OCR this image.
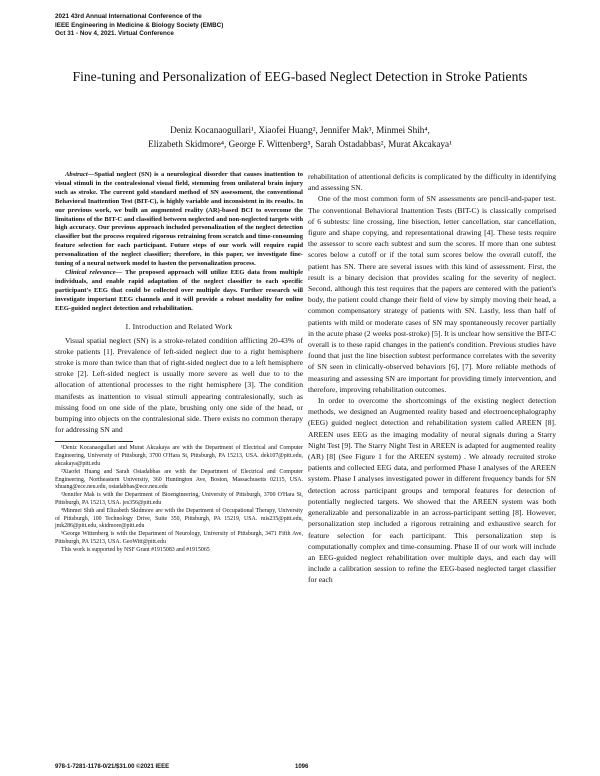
2021 43rd Annual International Conference of the
IEEE Engineering in Medicine & Biology Society (EMBC)
Oct 31 - Nov 4, 2021. Virtual Conference
Fine-tuning and Personalization of EEG-based Neglect Detection in Stroke Patients
Deniz Kocanaogullari¹, Xiaofei Huang², Jennifer Mak³, Minmei Shih⁴,
Elizabeth Skidmore⁴, George F. Wittenberg⁵, Sarah Ostadabbas², Murat Akcakaya¹

Abstract—Spatial neglect (SN) is a neurological disorder that causes inattention to visual stimuli in the contralesional visual field, stemming from unilateral brain injury such as stroke. The current gold standard method of SN assessment, the conventional Behavioral Inattention Test (BIT-C), is highly variable and inconsistent in its results. In our previous work, we built an augmented reality (AR)-based BCI to overcome the limitations of the BIT-C and classified between neglected and non-neglected targets with high accuracy. Our previous approach included personalization of the neglect detection classifier but the process required rigorous retraining from scratch and time-consuming feature selection for each participant. Future steps of our work will require rapid personalization of the neglect classifier; therefore, in this paper, we investigate fine-tuning of a neural network model to hasten the personalization process.

Clinical relevance— The proposed approach will utilize EEG data from multiple individuals, and enable rapid adaptation of the neglect classifier to each specific participant's EEG that could be collected over multiple days. Further research will investigate important EEG channels and it will provide a robust modality for online EEG-guided neglect detection and rehabilitation.

I. Introduction and Related Work

Visual spatial neglect (SN) is a stroke-related condition afflicting 20-43% of stroke patients [1]. Prevalence of left-sided neglect due to a right hemisphere stroke is more than twice than that of right-sided neglect due to a left hemisphere stroke [2]. Left-sided neglect is usually more severe as well due to to the allocation of attentional processes to the right hemisphere [3]. The condition manifests as inattention to visual stimuli appearing contralesionally, such as missing food on one side of the plate, brushing only one side of the head, or bumping into objects on the contralesional side. There exists no common therapy for addressing SN and

¹Deniz Kocanaogullari and Murat Akcakaya are with the Department of Electrical and Computer Engineering, University of Pittsburgh, 3700 O'Hara St, Pittsburgh, PA 15213, USA. dek107@pitt.edu, akcakaya@pitt.edu

²Xiaofei Huang and Sarah Ostadabbas are with the Department of Electrical and Computer Engineering, Northeastern University, 360 Huntington Ave, Boston, Massachusetts 02115, USA. xhuang@ece.neu.edu, ostadabbas@ece.neu.edu

³Jennifer Mak is with the Department of Bioengineering, University of Pittsburgh, 3700 O'Hara St, Pittsburgh, PA 15213, USA. jes356@pitt.edu

⁴Minmei Shih and Elizabeth Skidmore are with the Department of Occupational Therapy, University of Pittsburgh, 100 Technology Drive, Suite 350, Pittsburgh, PA 15219, USA. mis235@pitt.edu, jmk286@pitt.edu, skidmore@pitt.edu

⁵George Wittenberg is with the Department of Neurology, University of Pittsburgh, 3471 Fifth Ave, Pittsburgh, PA 15213, USA. GeoWitt@pitt.edu

This work is supported by NSF Grant #1915083 and #1915065

rehabilitation of attentional deficits is complicated by the difficulty in identifying and assessing SN.

One of the most common form of SN assessments are pencil-and-paper test. The conventional Behavioral Inattention Tests (BIT-C) is classically comprised of 6 subtests: line crossing, line bisection, letter cancellation, star cancellation, figure and shape copying, and representational drawing [4]. These tests require the assessor to score each subtest and sum the scores. If more than one subtest scores below a cutoff or if the total sum scores below the overall cutoff, the patient has SN. There are several issues with this kind of assessment. First, the result is a binary decision that provides scaling for the severity of neglect. Second, although this test requires that the papers are centered with the patient's body, the patient could change their field of view by simply moving their head, a common compensatory strategy of patients with SN. Lastly, less than half of patients with mild or moderate cases of SN may spontaneously recover partially in the acute phase (2 weeks post-stroke) [5]. It is unclear how sensitive the BIT-C overall is to these rapid changes in the patient's condition. Previous studies have found that just the line bisection subtest performance correlates with the severity of SN seen in clinically-observed behaviors [6], [7]. More reliable methods of measuring and assessing SN are important for providing timely intervention, and therefore, improving rehabilitation outcomes.

In order to overcome the shortcomings of the existing neglect detection methods, we designed an Augmented reality based and electroencephalography (EEG) guided neglect detection and rehabilitation system called AREEN [8]. AREEN uses EEG as the imaging modality of neural signals during a Starry Night Test [9]. The Starry Night Test in AREEN is adapted for augmented reality (AR) [8] (See Figure 1 for the AREEN system) . We already recruited stroke patients and collected EEG data, and performed Phase I analyses of the AREEN system. Phase I analyses investigated power in different frequency bands for SN detection across participant groups and temporal features for detection of potentially neglected targets. We showed that the AREEN system was both generalizable and personalizable in an across-participant setting [8]. However, personalization step included a rigorous retraining and exhaustive search for feature selection for each participant. This personalization step is computationally complex and time-consuming. Phase II of our work will include an EEG-guided neglect rehabilitation over multiple days, and each day will include a calibration session to refine the EEG-based neglected target classifier for each

978-1-7281-1178-0/21/$31.00 ©2021 IEEE	1096
